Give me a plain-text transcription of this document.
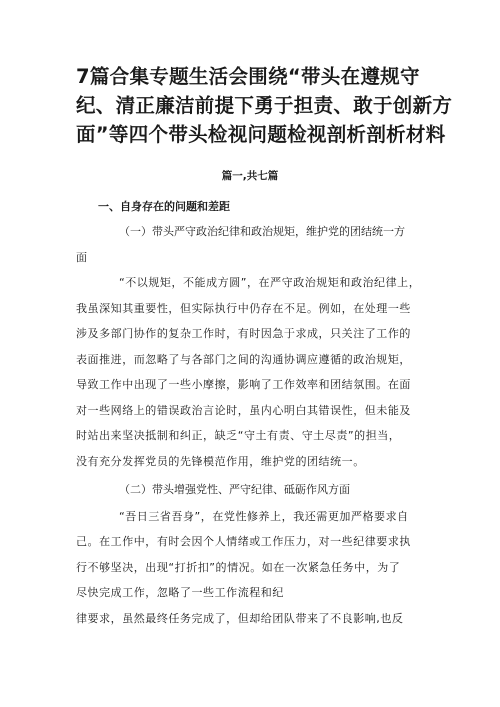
7篇合集专题生活会围绕“带头在遵规守
纪、清正廉洁前提下勇于担责、敢于创新方
面”等四个带头检视问题检视剖析剖析材料

篇一,共七篇

一、自身存在的问题和差距

（一）带头严守政治纪律和政治规矩，维护党的团结统一方

面

“不以规矩，不能成方圆”，在严守政治规矩和政治纪律上，

我虽深知其重要性，但实际执行中仍存在不足。例如，在处理一些

涉及多部门协作的复杂工作时，有时因急于求成，只关注了工作的

表面推进，而忽略了与各部门之间的沟通协调应遵循的政治规矩，

导致工作中出现了一些小摩擦，影响了工作效率和团结氛围。在面

对一些网络上的错误政治言论时，虽内心明白其错误性，但未能及

时站出来坚决抵制和纠正，缺乏“守土有责、守土尽责”的担当，

没有充分发挥党员的先锋模范作用，维护党的团结统一。

（二）带头增强党性、严守纪律、砥砺作风方面

“吾日三省吾身”，在党性修养上，我还需更加严格要求自

己。在工作中，有时会因个人情绪或工作压力，对一些纪律要求执

行不够坚决，出现“打折扣”的情况。如在一次紧急任务中，为了

尽快完成工作，忽略了一些工作流程和纪

律要求，虽然最终任务完成了，但却给团队带来了不良影响,也反
